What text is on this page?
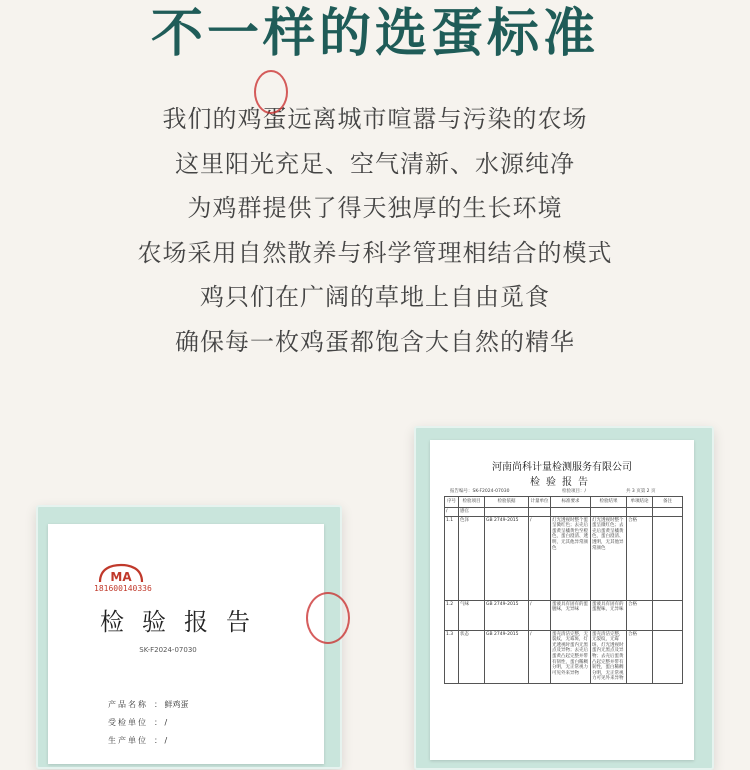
不一样的选蛋标准
我们的鸡蛋远离城市喧嚣与污染的农场
这里阳光充足、空气清新、水源纯净
为鸡群提供了得天独厚的生长环境
农场采用自然散养与科学管理相结合的模式
鸡只们在广阔的草地上自由觅食
确保每一枚鸡蛋都饱含大自然的精华
MA
181600140336
检验报告
SK-F2024-07030
产品名称 ： 鲜鸡蛋
受检单位 ： /
生产单位 ： /
河南尚科计量检测服务有限公司
检验报告
报告编号：SK-F2024-07030	检验项目：/	共 3 页第 2 页
序号	检验项目	检验依据	计量单位	标准要求	检验结果	单项结论	备注
/	感官						
1.1	色泽	GB 2749-2015	/	灯光透视时整个蛋呈微红色；去壳后蛋黄呈橘黄色至橙色，蛋白澄清、透明，无其他异常颜色	灯光透视时整个蛋呈微红色；去壳后蛋黄呈橘黄色，蛋白澄清、透明，无其他异常颜色	合格	
1.2	气味	GB 2749-2015	/	蛋液具有固有的蛋腥味，无异味	蛋液具有固有的蛋腥味，无异味	合格	
1.3	状态	GB 2749-2015	/	蛋壳清洁完整，无裂纹，无霉斑，灯光透视时蛋内无黑点及异物；去壳后蛋黄凸起完整并带有韧性，蛋白稀稠分明，无正常视力可见外来异物	蛋壳清洁完整，无裂纹，无霉斑，灯光透视时蛋内无黑点及异物；去壳后蛋黄凸起完整并带有韧性，蛋白稀稠分明，无正常视力可见外来异物	合格	
